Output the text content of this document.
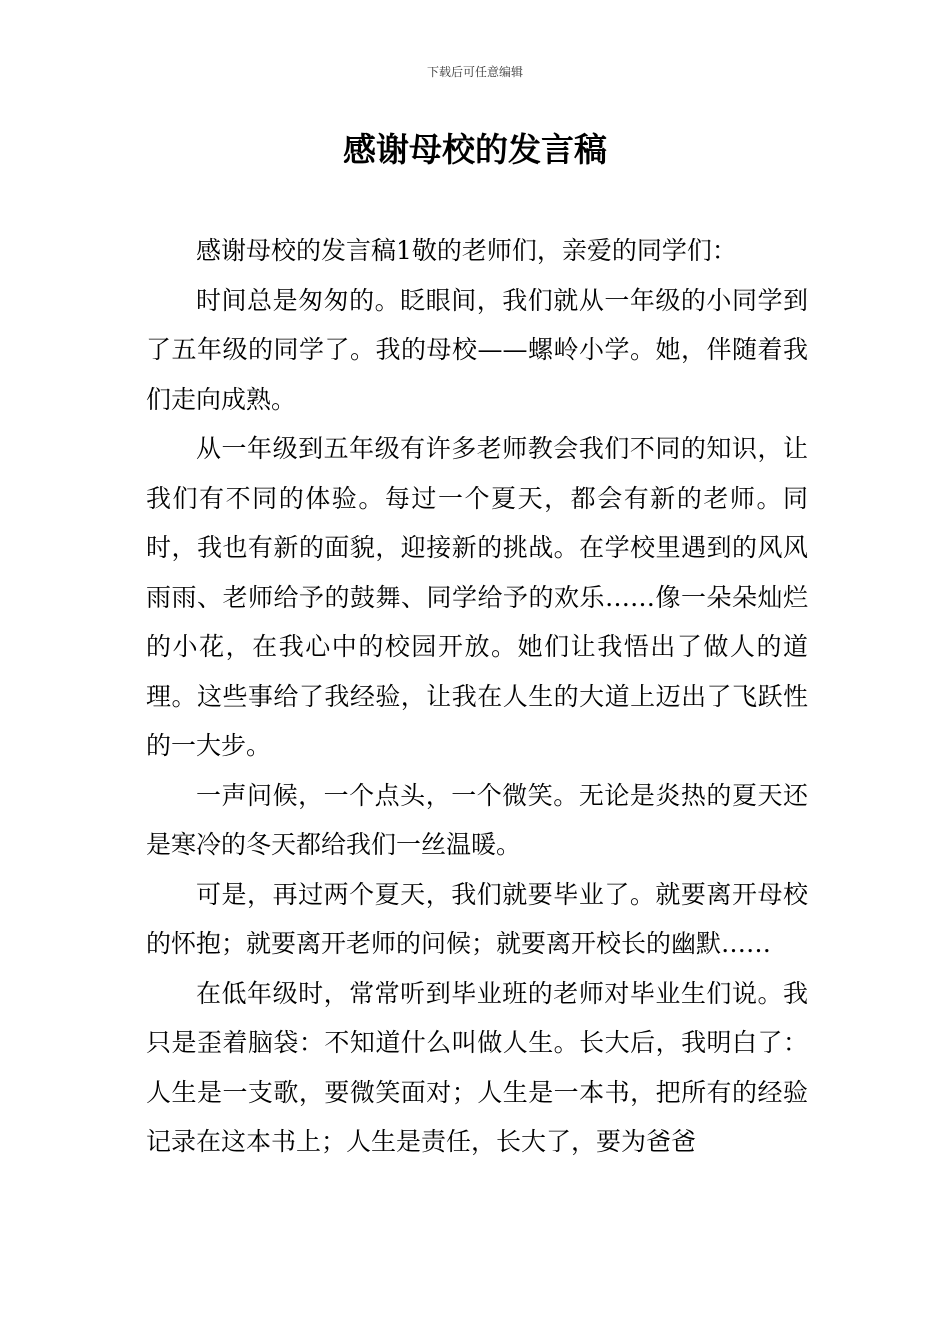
下载后可任意编辑
感谢母校的发言稿

感谢母校的发言稿1敬的老师们，亲爱的同学们：

时间总是匆匆的。眨眼间，我们就从一年级的小同学到了五年级的同学了。我的母校——螺岭小学。她，伴随着我们走向成熟。

从一年级到五年级有许多老师教会我们不同的知识，让我们有不同的体验。每过一个夏天，都会有新的老师。同时，我也有新的面貌，迎接新的挑战。在学校里遇到的风风雨雨、老师给予的鼓舞、同学给予的欢乐……像一朵朵灿烂的小花，在我心中的校园开放。她们让我悟出了做人的道理。这些事给了我经验，让我在人生的大道上迈出了飞跃性的一大步。

一声问候，一个点头，一个微笑。无论是炎热的夏天还是寒冷的冬天都给我们一丝温暖。

可是，再过两个夏天，我们就要毕业了。就要离开母校的怀抱；就要离开老师的问候；就要离开校长的幽默……

在低年级时，常常听到毕业班的老师对毕业生们说。我只是歪着脑袋：不知道什么叫做人生。长大后，我明白了：人生是一支歌，要微笑面对；人生是一本书，把所有的经验记录在这本书上；人生是责任，长大了，要为爸爸
